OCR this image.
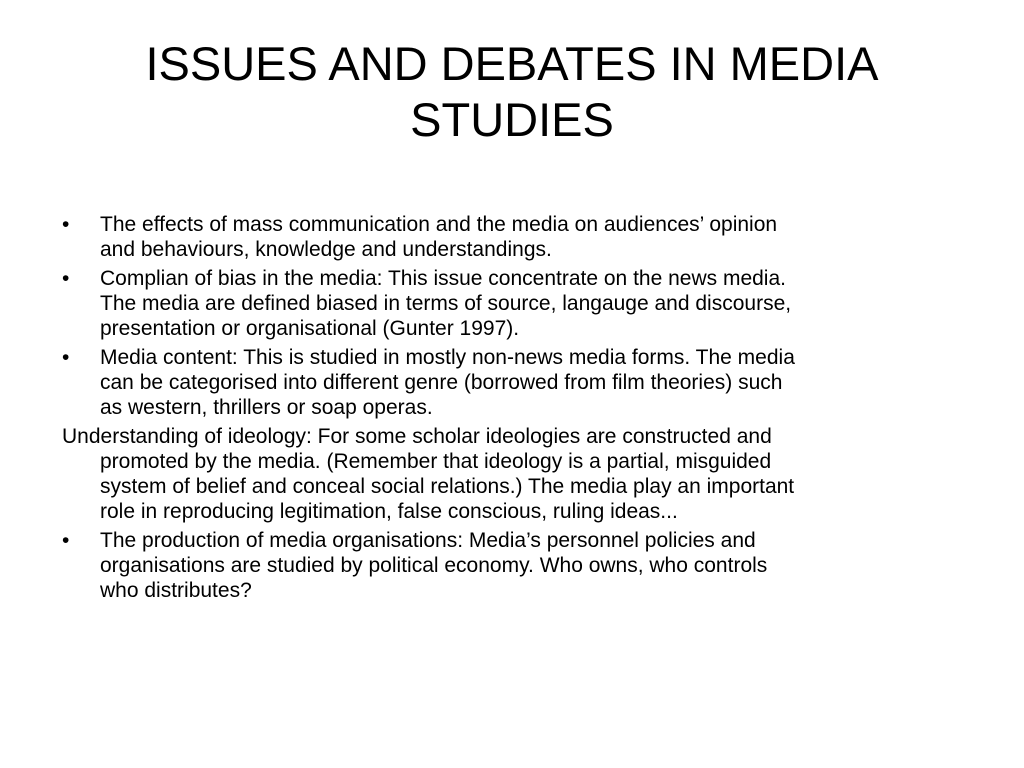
ISSUES AND DEBATES IN MEDIA
STUDIES
•	The effects of mass communication and the media on audiences’ opinion
and behaviours, knowledge and understandings.
•	Complian of bias in the media: This issue concentrate on the news media.
The media are defined biased in terms of source, langauge and discourse,
presentation or organisational (Gunter 1997).
•	Media content: This is studied in mostly non-news media forms. The media
can be categorised into different genre (borrowed from film theories) such
as western, thrillers or soap operas.
Understanding of ideology: For some scholar ideologies are constructed and
promoted by the media. (Remember that ideology is a partial, misguided
system of belief and conceal social relations.) The media play an important
role in reproducing legitimation, false conscious, ruling ideas...
•	The production of media organisations: Media’s personnel policies and
organisations are studied by political economy. Who owns, who controls
who distributes?
